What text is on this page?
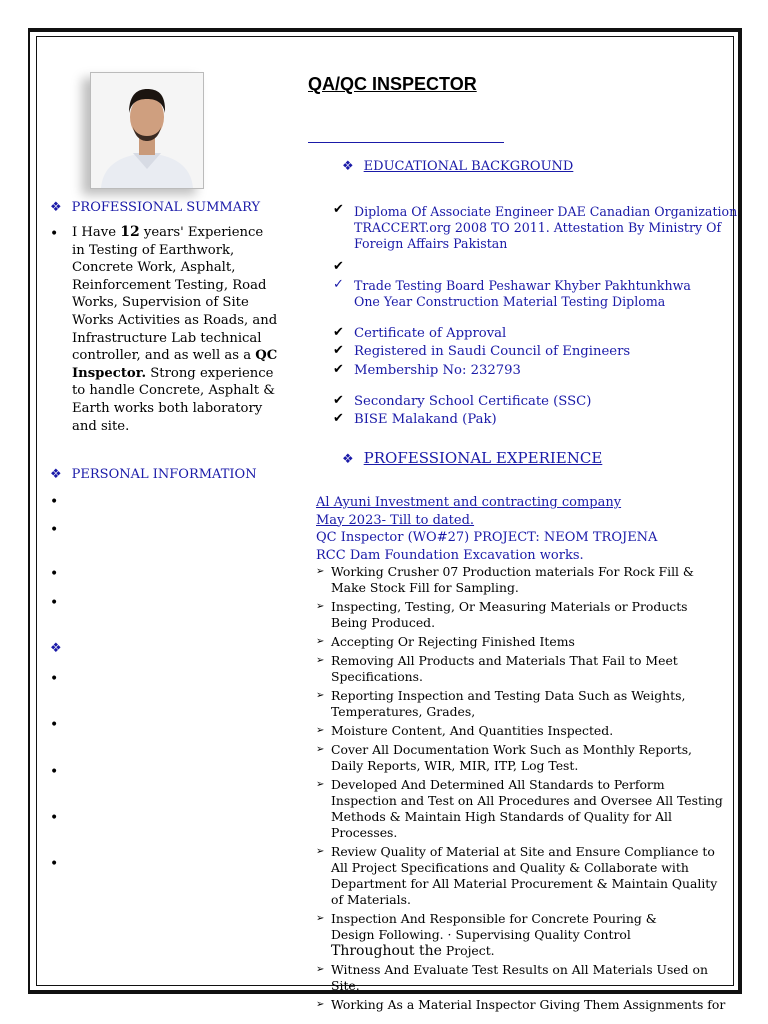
QA/QC INSPECTOR
❖ PROFESSIONAL SUMMARY
• I Have 12 years' Experience in Testing of Earthwork, Concrete Work, Asphalt, Reinforcement Testing, Road Works, Supervision of Site Works Activities as Roads, and Infrastructure Lab technical controller, and as well as a QC Inspector. Strong experience to handle Concrete, Asphalt & Earth works both laboratory and site.
❖ PERSONAL INFORMATION
•
•
•
•
❖
•
•
•
•
•
❖ EDUCATIONAL BACKGROUND
✔ Diploma Of Associate Engineer DAE Canadian Organization
TRACCERT.org 2008 TO 2011. Attestation By Ministry Of
Foreign Affairs Pakistan
✔
✓ Trade Testing Board Peshawar Khyber Pakhtunkhwa
One Year Construction Material Testing Diploma
✔ Certificate of Approval
✔ Registered in Saudi Council of Engineers
✔ Membership No: 232793
✔ Secondary School Certificate (SSC)
✔ BISE Malakand (Pak)
❖ PROFESSIONAL EXPERIENCE
Al Ayuni Investment and contracting company
May 2023- Till to dated.
QC Inspector (WO#27) PROJECT: NEOM TROJENA
RCC Dam Foundation Excavation works.
➢ Working Crusher 07 Production materials For Rock Fill & Make Stock Fill for Sampling.
➢ Inspecting, Testing, Or Measuring Materials or Products Being Produced.
➢ Accepting Or Rejecting Finished Items
➢ Removing All Products and Materials That Fail to Meet Specifications.
➢ Reporting Inspection and Testing Data Such as Weights, Temperatures, Grades,
➢ Moisture Content, And Quantities Inspected.
➢ Cover All Documentation Work Such as Monthly Reports, Daily Reports, WIR, MIR, ITP, Log Test.
➢ Developed And Determined All Standards to Perform Inspection and Test on All Procedures and Oversee All Testing Methods & Maintain High Standards of Quality for All Processes.
➢ Review Quality of Material at Site and Ensure Compliance to All Project Specifications and Quality & Collaborate with Department for All Material Procurement & Maintain Quality of Materials.
➢ Inspection And Responsible for Concrete Pouring &
Design Following. · Supervising Quality Control
Throughout the Project.
➢ Witness And Evaluate Test Results on All Materials Used on Site.
➢ Working As a Material Inspector Giving Them Assignments for
